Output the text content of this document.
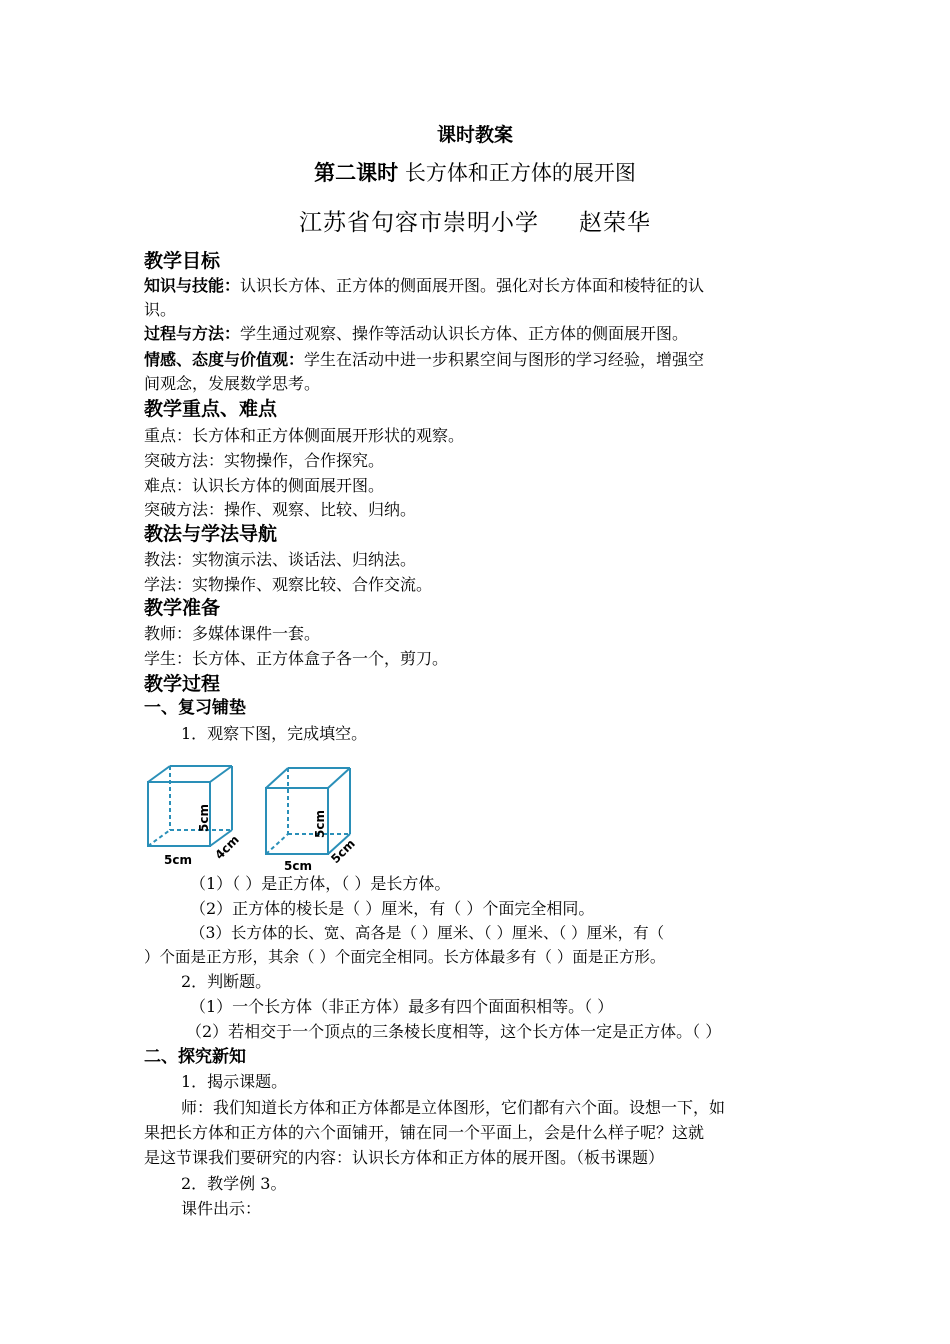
课时教案
第二课时 长方体和正方体的展开图
江苏省句容市崇明小学 赵荣华
教学目标
知识与技能：认识长方体、正方体的侧面展开图。强化对长方体面和棱特征的认
识。
过程与方法：学生通过观察、操作等活动认识长方体、正方体的侧面展开图。
情感、态度与价值观：学生在活动中进一步积累空间与图形的学习经验，增强空
间观念，发展数学思考。
教学重点、难点
重点：长方体和正方体侧面展开形状的观察。
突破方法：实物操作，合作探究。
难点：认识长方体的侧面展开图。
突破方法：操作、观察、比较、归纳。
教法与学法导航
教法：实物演示法、谈话法、归纳法。
学法：实物操作、观察比较、合作交流。
教学准备
教师：多媒体课件一套。
学生：长方体、正方体盒子各一个，剪刀。
教学过程
一、复习铺垫
1．观察下图，完成填空。
5cm
5cm
4cm
5cm
5cm
5cm
（1）（ ）是正方体，（ ）是长方体。
（2）正方体的棱长是（ ）厘米，有（ ）个面完全相同。
（3）长方体的长、宽、高各是（ ）厘米、（ ）厘米、（ ）厘米，有（
）个面是正方形，其余（ ）个面完全相同。长方体最多有（ ）面是正方形。
2．判断题。
（1）一个长方体（非正方体）最多有四个面面积相等。（ ）
（2）若相交于一个顶点的三条棱长度相等，这个长方体一定是正方体。（ ）
二、探究新知
1．揭示课题。
师：我们知道长方体和正方体都是立体图形，它们都有六个面。设想一下，如
果把长方体和正方体的六个面铺开，铺在同一个平面上，会是什么样子呢？这就
是这节课我们要研究的内容：认识长方体和正方体的展开图。（板书课题）
2．教学例 3。
课件出示：
